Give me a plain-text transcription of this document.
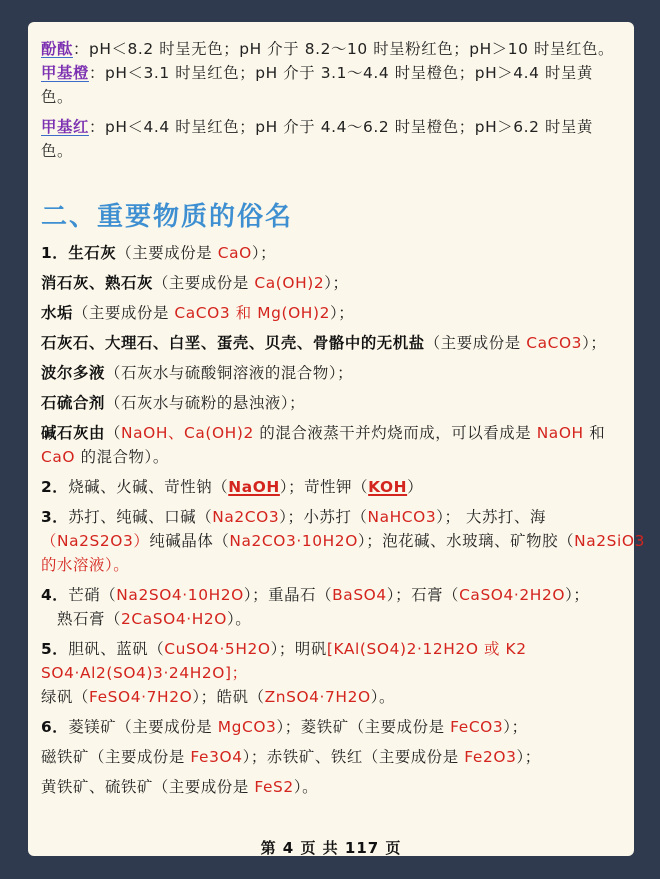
酚酞：pH＜8.2 时呈无色；pH 介于 8.2～10 时呈粉红色；pH＞10 时呈红色。
甲基橙：pH＜3.1 时呈红色；pH 介于 3.1～4.4 时呈橙色；pH＞4.4 时呈黄
色。
甲基红：pH＜4.4 时呈红色；pH 介于 4.4～6.2 时呈橙色；pH＞6.2 时呈黄
色。
二、重要物质的俗名
1．生石灰（主要成份是 CaO）；
消石灰、熟石灰（主要成份是 Ca(OH)2）；
水垢（主要成份是 CaCO3 和 Mg(OH)2）；
石灰石、大理石、白垩、蛋壳、贝壳、骨骼中的无机盐（主要成份是 CaCO3）；
波尔多液（石灰水与硫酸铜溶液的混合物）；
石硫合剂（石灰水与硫粉的悬浊液）；
碱石灰由（NaOH、Ca(OH)2 的混合液蒸干并灼烧而成，可以看成是 NaOH 和
CaO 的混合物）。
2．烧碱、火碱、苛性钠（NaOH）；苛性钾（KOH）
3．苏打、纯碱、口碱（Na2CO3）；小苏打（NaHCO3）； 大苏打、海
（Na2S2O3）纯碱晶体（Na2CO3·10H2O）；泡花碱、水玻璃、矿物胶（Na2SiO3
的水溶液）。
4．芒硝（Na2SO4·10H2O）；重晶石（BaSO4）；石膏（CaSO4·2H2O）；
熟石膏（2CaSO4·H2O）。
5．胆矾、蓝矾（CuSO4·5H2O）；明矾[KAl(SO4)2·12H2O 或 K2
SO4·Al2(SO4)3·24H2O]；
绿矾（FeSO4·7H2O）；皓矾（ZnSO4·7H2O）。
6．菱镁矿（主要成份是 MgCO3）；菱铁矿（主要成份是 FeCO3）；
磁铁矿（主要成份是 Fe3O4）；赤铁矿、铁红（主要成份是 Fe2O3）；
黄铁矿、硫铁矿（主要成份是 FeS2）。
第 4 页 共 117 页
